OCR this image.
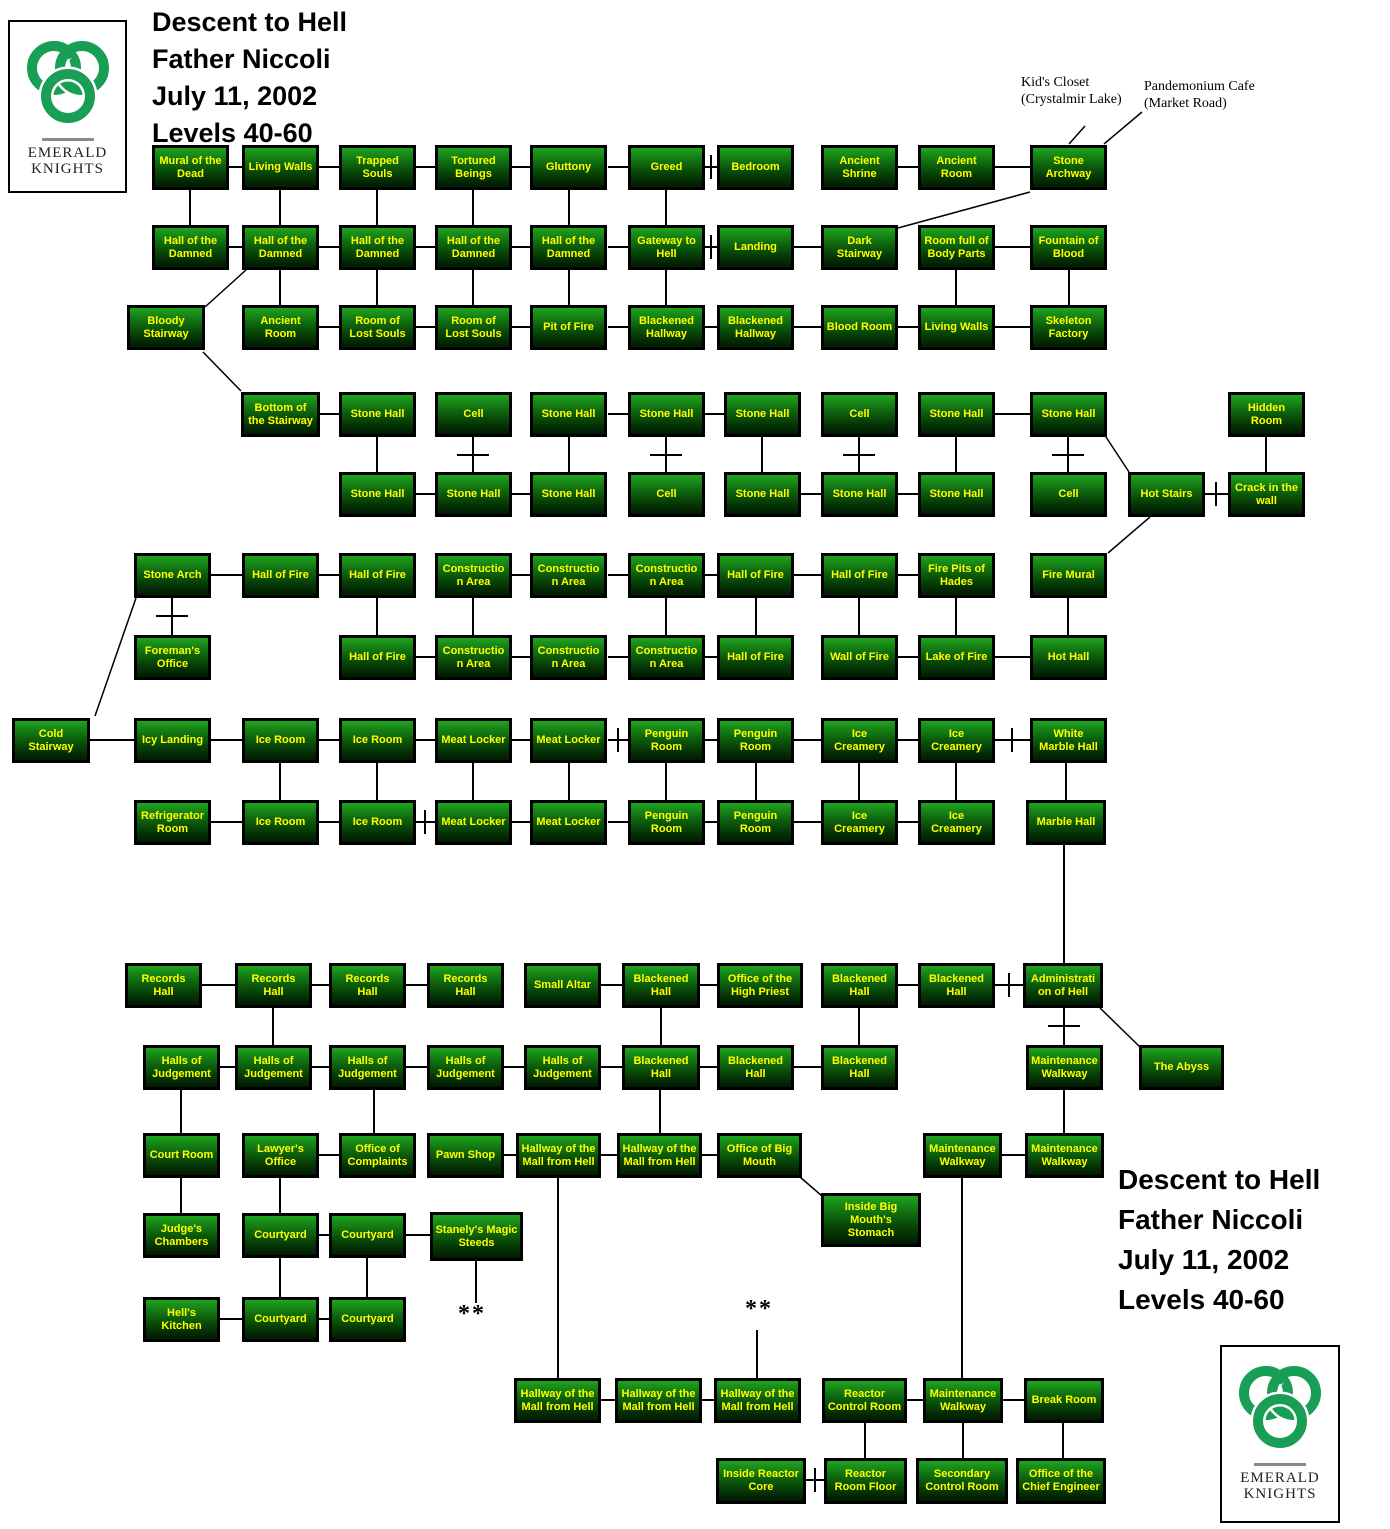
Mural of the Dead
Living Walls
Trapped Souls
Tortured Beings
Gluttony	Greed	Bedroom
Ancient Shrine
Ancient Room
Stone Archway
Hall of the Damned
Hall of the Damned
Hall of the Damned
Hall of the Damned
Hall of the Damned
Gateway to Hell
Landing
Dark Stairway
Room full of Body Parts
Fountain of Blood
Bloody Stairway
Ancient Room
Room of Lost Souls
Room of Lost Souls
Pit of Fire
Blackened Hallway
Blackened Hallway
Blood Room	Living Walls
Skeleton Factory
Bottom of the Stairway
Stone Hall	Cell	Stone Hall	Stone Hall	Stone Hall	Cell	Stone Hall	Stone Hall
Hidden Room
Stone Hall	Stone Hall	Stone Hall	Cell	Stone Hall	Stone Hall	Stone Hall	Cell	Hot Stairs
Crack in the wall
Stone Arch	Hall of Fire	Hall of Fire
Construction Area
Construction Area
Construction Area
Hall of Fire	Hall of Fire
Fire Pits of Hades
Fire Mural
Foreman's Office
Hall of Fire
Construction Area
Construction Area
Construction Area
Hall of Fire	Wall of Fire	Lake of Fire	Hot Hall
Cold Stairway
Icy Landing	Ice Room	Ice Room	Meat Locker	Meat Locker
Penguin Room
Penguin Room
Ice Creamery
Ice Creamery
White Marble Hall
Refrigerator Room
Ice Room	Ice Room	Meat Locker	Meat Locker
Penguin Room
Penguin Room
Ice Creamery
Ice Creamery
Marble Hall
Records Hall
Records Hall
Records Hall
Records Hall
Small Altar
Blackened Hall
Office of the High Priest
Blackened Hall
Blackened Hall
Administration of Hell
Halls of Judgement
Halls of Judgement
Halls of Judgement
Halls of Judgement
Halls of Judgement
Blackened Hall
Blackened Hall
Blackened Hall
Maintenance Walkway
The Abyss
Court Room
Lawyer's Office
Office of Complaints
Pawn Shop
Hallway of the Mall from Hell
Hallway of the Mall from Hell
Office of Big Mouth
Maintenance Walkway
Maintenance Walkway
Judge's Chambers
Courtyard	Courtyard	Stanely's Magic Steeds
Inside Big Mouth's Stomach
Hell's Kitchen
Courtyard	Courtyard
Hallway of the Mall from Hell
Hallway of the Mall from Hell
Hallway of the Mall from Hell
Reactor Control Room
Maintenance Walkway
Break Room
Inside Reactor Core
Reactor Room Floor
Secondary Control Room
Office of the Chief Engineer
Descent to Hell
Father Niccoli
July 11, 2002
Levels 40-60
Descent to Hell
Father Niccoli
July 11, 2002
Levels 40-60
Kid's Closet
(Crystalmir Lake)
Pandemonium Cafe
(Market Road)
**	**
EMERALD
KNIGHTS
EMERALD
KNIGHTS
